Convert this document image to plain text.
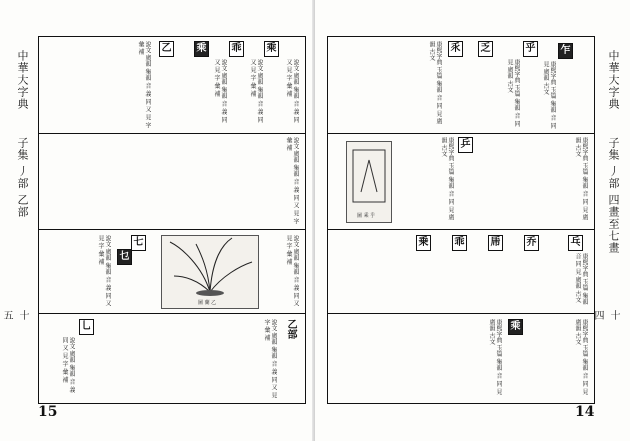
中華大字典  子集 丿部 乙部
十五
乘
乖
乘
乙
說文 廣韻 集韻 音 義 同 又 見 字 彙 補
說文 廣韻 集韻 音 義 同 又 見 字 彙 補
說文 廣韻 集韻 音 義 同 又 見 字 彙 補
說文 廣韻 集韻 音 義 同 又 見 字 彙 補
說文 廣韻 集韻 音 義 同 又 見 字 彙 補
七
乜
圖 蘭 乙	說文 廣韻 集韻 音 義 同 又 見 字 彙 補
說文 廣韻 集韻 音 義 同 又 見 字 彙 補
乙部
乚	說文 廣韻 集韻 音 義 同 又 見 字 彙 補
說文 廣韻 集韻 音 義 同 又 見 字 彙 補
15
乍
乎
乏
乑
康熙字典 玉篇 集韻 音 同 見 廣韻 古文
康熙字典 玉篇 集韻 音 同 見 廣韻 古文
康熙字典 玉篇 集韻 音 同 見 廣韻 古文
圖 乘 乎
乒	康熙字典 玉篇 集韻 音 同 見 廣韻 古文
康熙字典 玉篇 集韻 音 同 見 廣韻 古文
乓
乔
乕
乖
乗
康熙字典 玉篇 集韻 音 同 見 廣韻 古文
乘	康熙字典 玉篇 集韻 音 同 見 廣韻 古文
康熙字典 玉篇 集韻 音 同 見 廣韻 古文
中華大字典  子集 丿部 四畫至七畫
十四
14
